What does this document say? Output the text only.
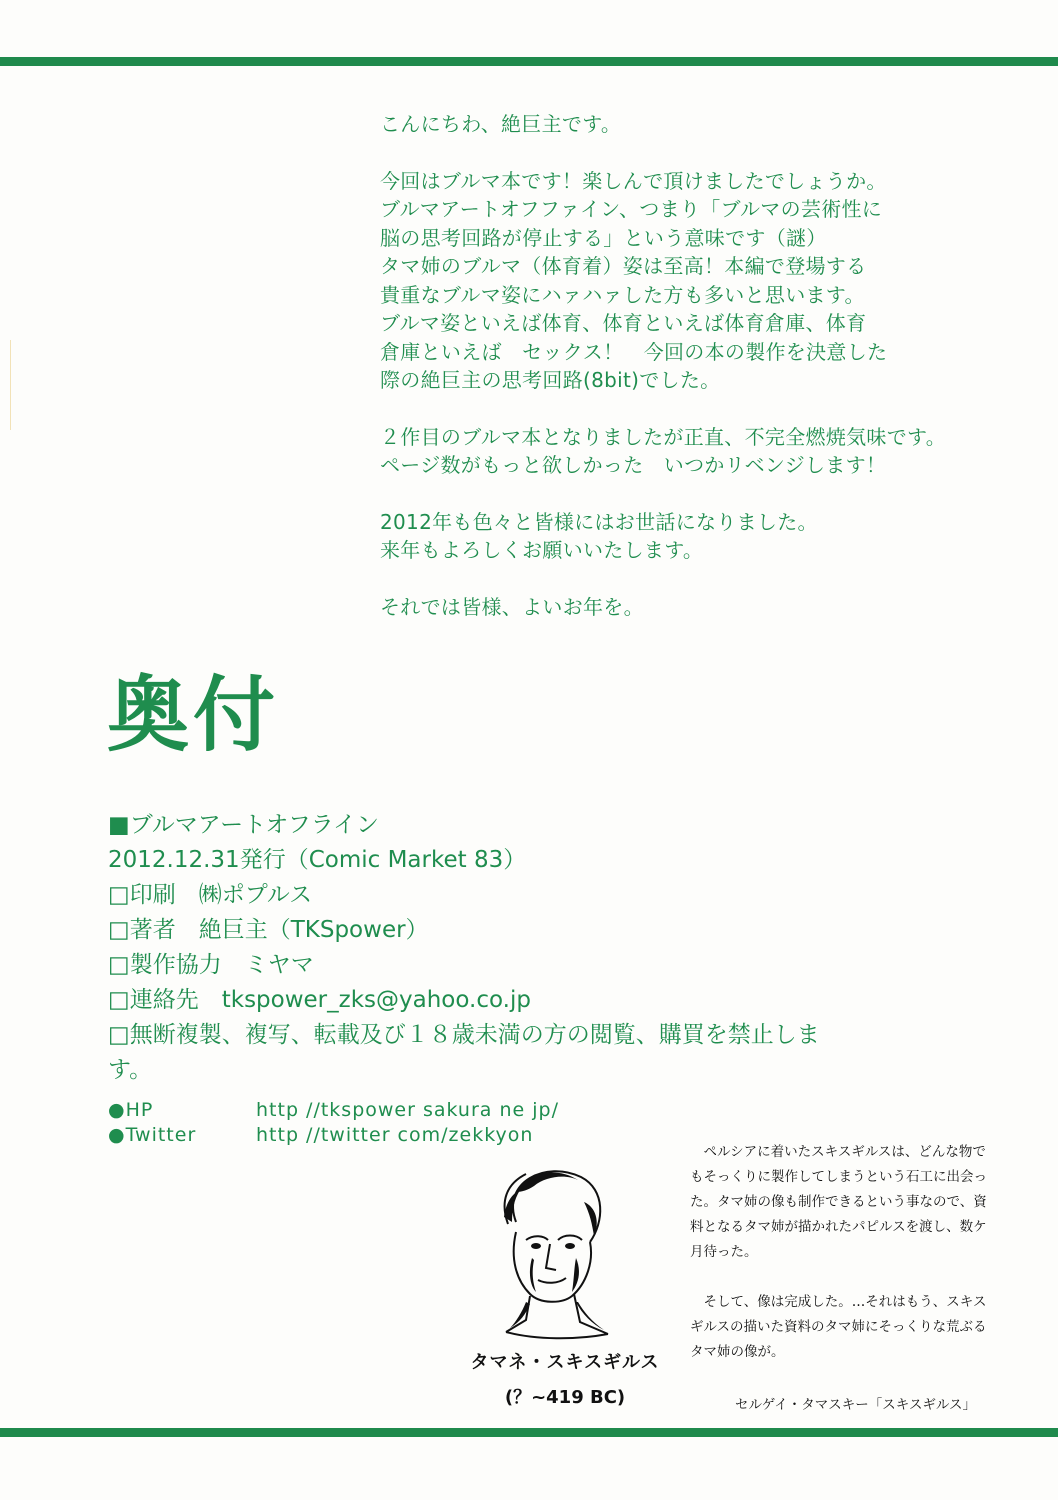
こんにちわ、絶巨主です。

今回はブルマ本です！楽しんで頂けましたでしょうか。

ブルマアートオフファイン、つまり「ブルマの芸術性に

脳の思考回路が停止する」という意味です（謎）

タマ姉のブルマ（体育着）姿は至高！本編で登場する

貴重なブルマ姿にハァハァした方も多いと思います。

ブルマ姿といえば体育、体育といえば体育倉庫、体育

倉庫といえば　セックス！　今回の本の製作を決意した

際の絶巨主の思考回路(8bit)でした。

２作目のブルマ本となりましたが正直、不完全燃焼気味です。

ページ数がもっと欲しかった　いつかリベンジします！

2012年も色々と皆様にはお世話になりました。

来年もよろしくお願いいたします。

それでは皆様、よいお年を。

奥付
■ブルマアートオフライン
2012.12.31発行（Comic Market 83）
□印刷　㈱ポプルス
□著者　絶巨主（TKSpower）
□製作協力　ミヤマ
□連絡先　tkspower_zks@yahoo.co.jp
□無断複製、複写、転載及び１８歳未満の方の閲覧、購買を禁止します。
●HP	http //tkspower sakura ne jp/
●Twitter	http //twitter com/zekkyon
タマネ・スキスギルス
(？~419 BC)

ペルシアに着いたスキスギルスは、どんな物でもそっくりに製作してしまうという石工に出会った。タマ姉の像も制作できるという事なので、資料となるタマ姉が描かれたパピルスを渡し、数ケ月待った。

そして、像は完成した。…それはもう、スキスギルスの描いた資料のタマ姉にそっくりな荒ぶるタマ姉の像が。

セルゲイ・タマスキー「スキスギルス」
